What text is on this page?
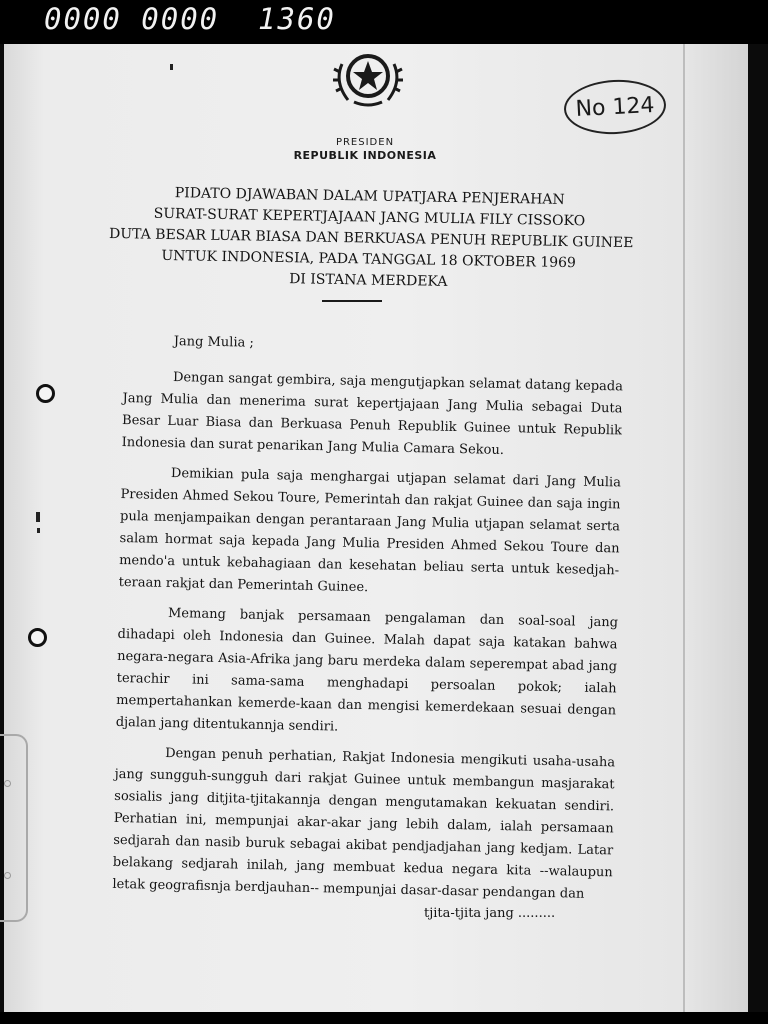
0000 0000  1360
No 124
PRESIDEN
REPUBLIK INDONESIA
PIDATO DJAWABAN DALAM UPATJARA PENJERAHAN
SURAT-SURAT KEPERTJAJAAN JANG MULIA FILY CISSOKO
DUTA BESAR LUAR BIASA DAN BERKUASA PENUH REPUBLIK GUINEE
UNTUK INDONESIA, PADA TANGGAL 18 OKTOBER 1969
DI ISTANA MERDEKA

Jang Mulia ;

Dengan sangat gembira, saja mengutjapkan selamat datang kepada Jang Mulia dan menerima surat kepertjajaan Jang Mulia sebagai Duta Besar Luar Biasa dan Berkuasa Penuh Republik Guinee untuk Republik Indonesia dan surat penarikan Jang Mulia Camara Sekou.

Demikian pula saja menghargai utjapan selamat dari Jang Mulia Presiden Ahmed Sekou Toure, Pemerintah dan rakjat Guinee dan saja ingin pula menjampaikan dengan perantaraan Jang Mulia utjapan selamat serta salam hormat saja kepada Jang Mulia Presiden Ahmed Sekou Toure dan mendo'a untuk kebahagiaan dan kesehatan beliau serta untuk kesedjah-teraan rakjat dan Pemerintah Guinee.

Memang banjak persamaan pengalaman dan soal-soal jang dihadapi oleh Indonesia dan Guinee. Malah dapat saja katakan bahwa negara-negara Asia-Afrika jang baru merdeka dalam seperempat abad jang terachir ini sama-sama menghadapi persoalan pokok; ialah mempertahankan kemerde-kaan dan mengisi kemerdekaan sesuai dengan djalan jang ditentukannja sendiri.

Dengan penuh perhatian, Rakjat Indonesia mengikuti usaha-usaha jang sungguh-sungguh dari rakjat Guinee untuk membangun masjarakat sosialis jang ditjita-tjitakannja dengan mengutamakan kekuatan sendiri. Perhatian ini, mempunjai akar-akar jang lebih dalam, ialah persamaan sedjarah dan nasib buruk sebagai akibat pendjadjahan jang kedjam. Latar belakang sedjarah inilah, jang membuat kedua negara kita --walaupun letak geografisnja berdjauhan-- mempunjai dasar-dasar pendangan dan

tjita-tjita jang .........
